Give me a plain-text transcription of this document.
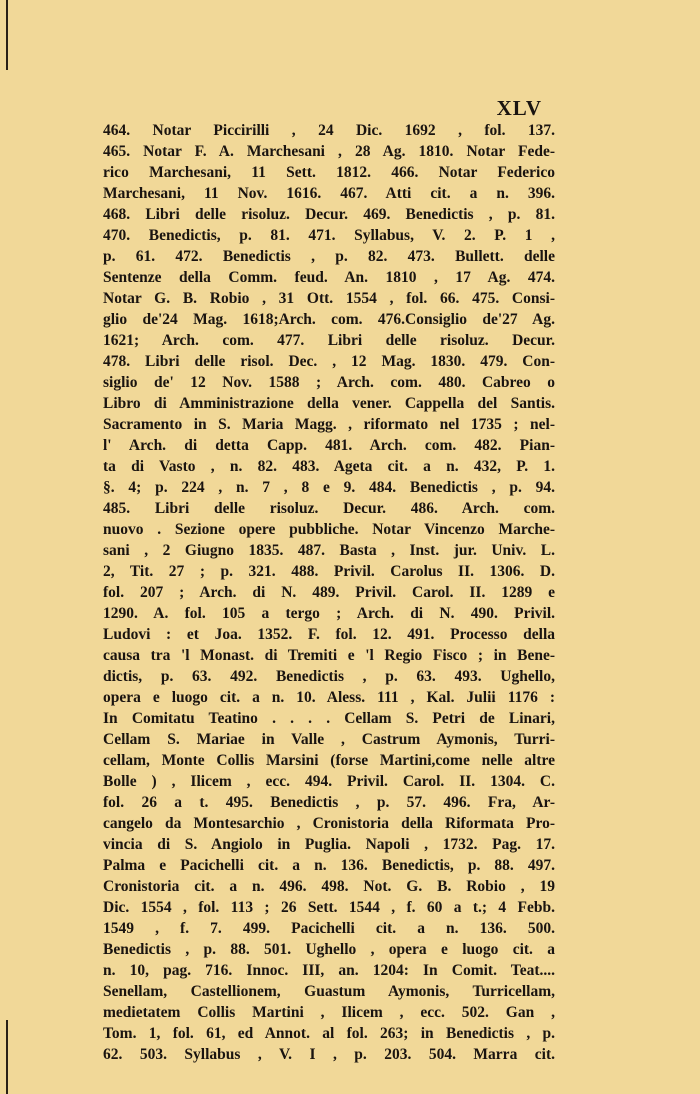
XLV
464. Notar Piccirilli , 24 Dic. 1692 , fol. 137.
465. Notar F. A. Marchesani , 28 Ag. 1810. Notar Fede-
rico Marchesani, 11 Sett. 1812. 466. Notar Federico
Marchesani, 11 Nov. 1616. 467. Atti cit. a n. 396.
468. Libri delle risoluz. Decur. 469. Benedictis , p. 81.
470. Benedictis, p. 81. 471. Syllabus, V. 2. P. 1 ,
p. 61. 472. Benedictis , p. 82. 473. Bullett. delle
Sentenze della Comm. feud. An. 1810 , 17 Ag. 474.
Notar G. B. Robio , 31 Ott. 1554 , fol. 66. 475. Consi-
glio de'24 Mag. 1618;Arch. com. 476.Consiglio de'27 Ag.
1621; Arch. com. 477. Libri delle risoluz. Decur.
478. Libri delle risol. Dec. , 12 Mag. 1830. 479. Con-
siglio de' 12 Nov. 1588 ; Arch. com. 480. Cabreo o
Libro di Amministrazione della vener. Cappella del Santis.
Sacramento in S. Maria Magg. , riformato nel 1735 ; nel-
l' Arch. di detta Capp. 481. Arch. com. 482. Pian-
ta di Vasto , n. 82. 483. Ageta cit. a n. 432, P. 1.
§. 4; p. 224 , n. 7 , 8 e 9. 484. Benedictis , p. 94.
485. Libri delle risoluz. Decur. 486. Arch. com.
nuovo . Sezione opere pubbliche. Notar Vincenzo Marche-
sani , 2 Giugno 1835. 487. Basta , Inst. jur. Univ. L.
2, Tit. 27 ; p. 321. 488. Privil. Carolus II. 1306. D.
fol. 207 ; Arch. di N. 489. Privil. Carol. II. 1289 e
1290. A. fol. 105 a tergo ; Arch. di N. 490. Privil.
Ludovi : et Joa. 1352. F. fol. 12. 491. Processo della
causa tra 'l Monast. di Tremiti e 'l Regio Fisco ; in Bene-
dictis, p. 63. 492. Benedictis , p. 63. 493. Ughello,
opera e luogo cit. a n. 10. Aless. 111 , Kal. Julii 1176 :
In Comitatu Teatino . . . . Cellam S. Petri de Linari,
Cellam S. Mariae in Valle , Castrum Aymonis, Turri-
cellam, Monte Collis Marsini (forse Martini,come nelle altre
Bolle ) , Ilicem , ecc. 494. Privil. Carol. II. 1304. C.
fol. 26 a t. 495. Benedictis , p. 57. 496. Fra, Ar-
cangelo da Montesarchio , Cronistoria della Riformata Pro-
vincia di S. Angiolo in Puglia. Napoli , 1732. Pag. 17.
Palma e Pacichelli cit. a n. 136. Benedictis, p. 88. 497.
Cronistoria cit. a n. 496. 498. Not. G. B. Robio , 19
Dic. 1554 , fol. 113 ; 26 Sett. 1544 , f. 60 a t.; 4 Febb.
1549 , f. 7. 499. Pacichelli cit. a n. 136. 500.
Benedictis , p. 88. 501. Ughello , opera e luogo cit. a
n. 10, pag. 716. Innoc. III, an. 1204: In Comit. Teat....
Senellam, Castellionem, Guastum Aymonis, Turricellam,
medietatem Collis Martini , Ilicem , ecc. 502. Gan ,
Tom. 1, fol. 61, ed Annot. al fol. 263; in Benedictis , p.
62. 503. Syllabus , V. I , p. 203. 504. Marra cit.
